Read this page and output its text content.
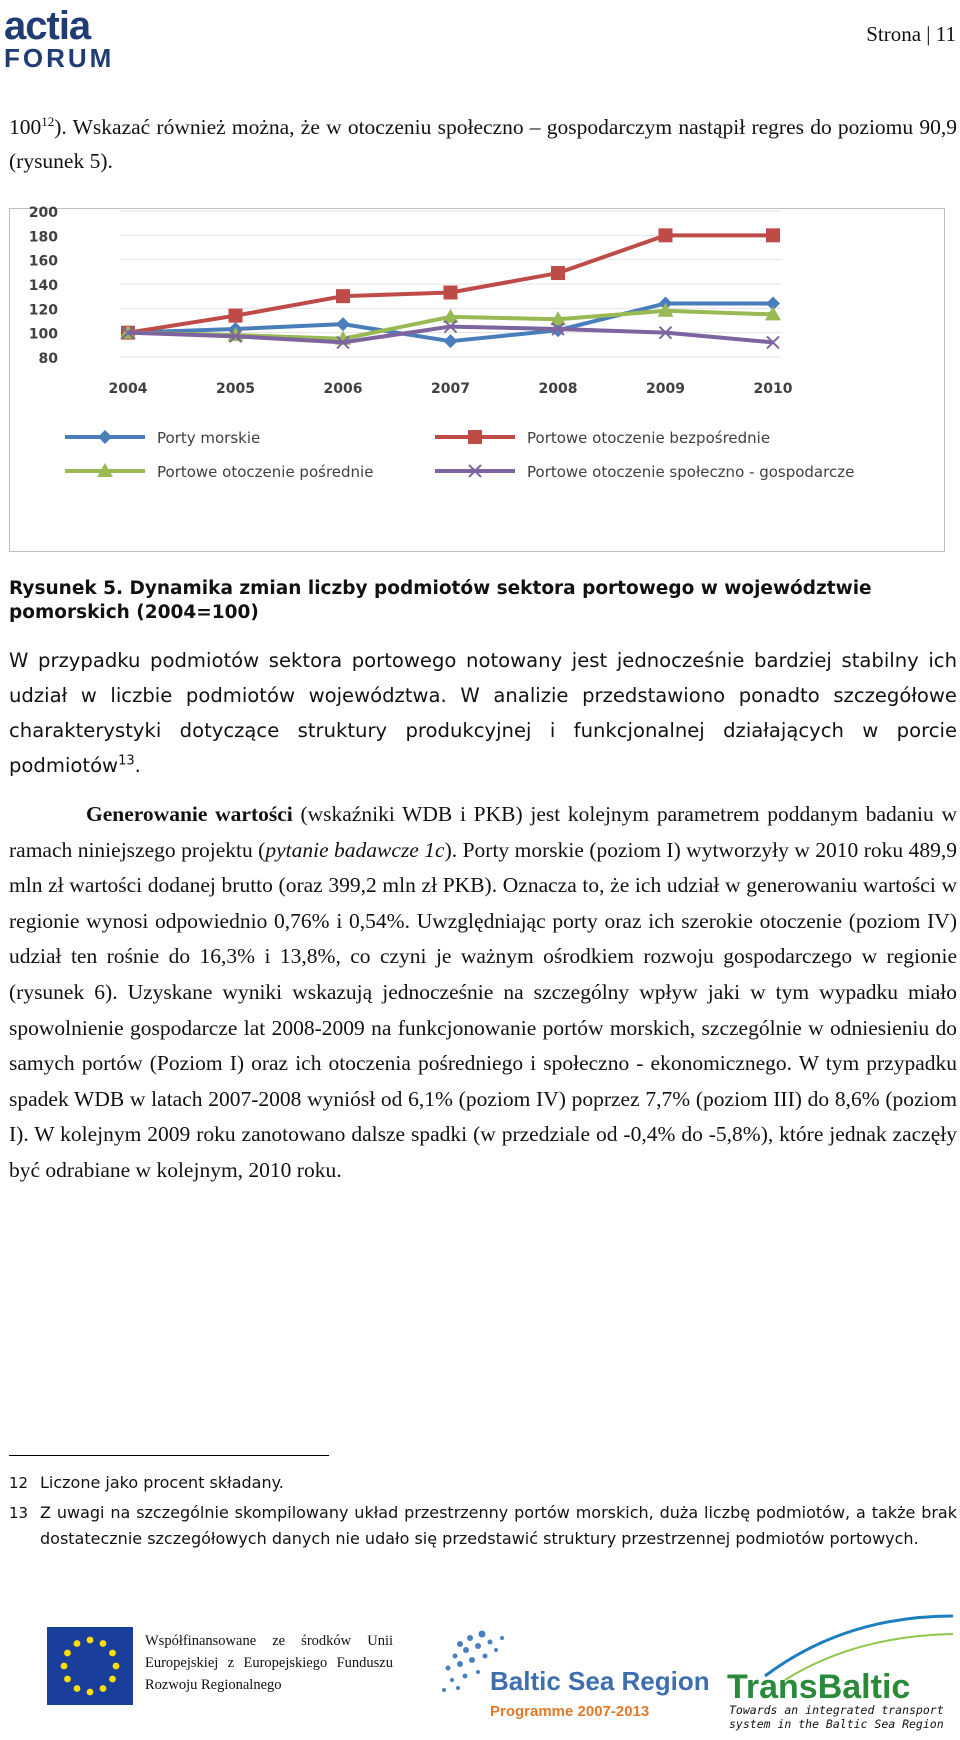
actia
FORUM
Strona | 11
$100^{12}$). Wskazać również można, że w otoczeniu społeczno – gospodarczym nastąpił regres do poziomu 90,9 (rysunek 5).
200
180
160
140
120
100
80
2004	2005	2006	2007	2008	2009	2010
Porty morskie	Portowe otoczenie bezpośrednie
Portowe otoczenie pośrednie	Portowe otoczenie społeczno - gospodarcze
Rysunek 5. Dynamika zmian liczby podmiotów sektora portowego w województwie pomorskich (2004=100)
W przypadku podmiotów sektora portowego notowany jest jednocześnie bardziej stabilny ich udział w liczbie podmiotów województwa. W analizie przedstawiono ponadto szczegółowe charakterystyki dotyczące struktury produkcyjnej i funkcjonalnej działających w porcie podmiotów$^{13}$.
Generowanie wartości (wskaźniki WDB i PKB) jest kolejnym parametrem poddanym badaniu w ramach niniejszego projektu (pytanie badawcze 1c). Porty morskie (poziom I) wytworzyły w 2010 roku 489,9 mln zł wartości dodanej brutto (oraz 399,2 mln zł PKB). Oznacza to, że ich udział w generowaniu wartości w regionie wynosi odpowiednio 0,76% i 0,54%. Uwzględniając porty oraz ich szerokie otoczenie (poziom IV) udział ten rośnie do 16,3% i 13,8%, co czyni je ważnym ośrodkiem rozwoju gospodarczego w regionie (rysunek 6). Uzyskane wyniki wskazują jednocześnie na szczególny wpływ jaki w tym wypadku miało spowolnienie gospodarcze lat 2008-2009 na funkcjonowanie portów morskich, szczególnie w odniesieniu do samych portów (Poziom I) oraz ich otoczenia pośredniego i społeczno - ekonomicznego. W tym przypadku spadek WDB w latach 2007-2008 wyniósł od 6,1% (poziom IV) poprzez 7,7% (poziom III) do 8,6% (poziom I). W kolejnym 2009 roku zanotowano dalsze spadki (w przedziale od -0,4% do -5,8%), które jednak zaczęły być odrabiane w kolejnym, 2010 roku.
12 Liczone jako procent składany.
13 Z uwagi na szczególnie skompilowany układ przestrzenny portów morskich, duża liczbę podmiotów, a także brak dostatecznie szczegółowych danych nie udało się przedstawić struktury przestrzennej podmiotów portowych.
Współfinansowane ze środków Unii Europejskiej z Europejskiego Funduszu Rozwoju Regionalnego	Baltic Sea Region
Programme 2007-2013
TransBaltic
Towards an integrated transport
system in the Baltic Sea Region
